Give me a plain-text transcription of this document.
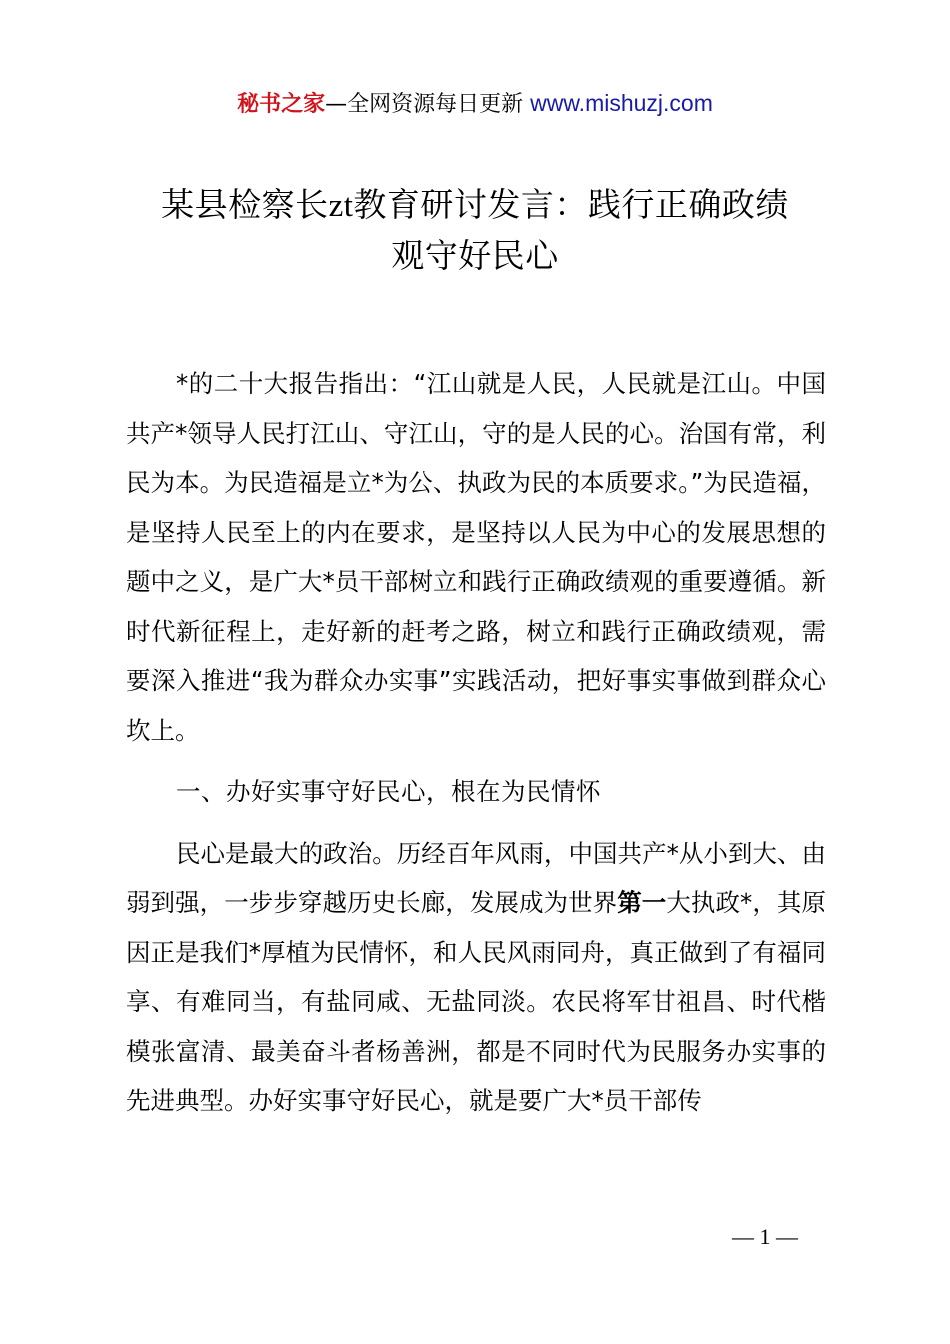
秘书之家—全网资源每日更新 www.mishuzj.com
某县检察长zt教育研讨发言：践行正确政绩
观守好民心

*的二十大报告指出：“江山就是人民，人民就是江山。中国共产*领导人民打江山、守江山，守的是人民的心。治国有常，利民为本。为民造福是立*为公、执政为民的本质要求。”为民造福，是坚持人民至上的内在要求，是坚持以人民为中心的发展思想的题中之义，是广大*员干部树立和践行正确政绩观的重要遵循。新时代新征程上，走好新的赶考之路，树立和践行正确政绩观，需要深入推进“我为群众办实事”实践活动，把好事实事做到群众心坎上。

一、办好实事守好民心，根在为民情怀

民心是最大的政治。历经百年风雨，中国共产*从小到大、由弱到强，一步步穿越历史长廊，发展成为世界第一大执政*，其原因正是我们*厚植为民情怀，和人民风雨同舟，真正做到了有福同享、有难同当，有盐同咸、无盐同淡。农民将军甘祖昌、时代楷模张富清、最美奋斗者杨善洲，都是不同时代为民服务办实事的先进典型。办好实事守好民心，就是要广大*员干部传

— 1 —
